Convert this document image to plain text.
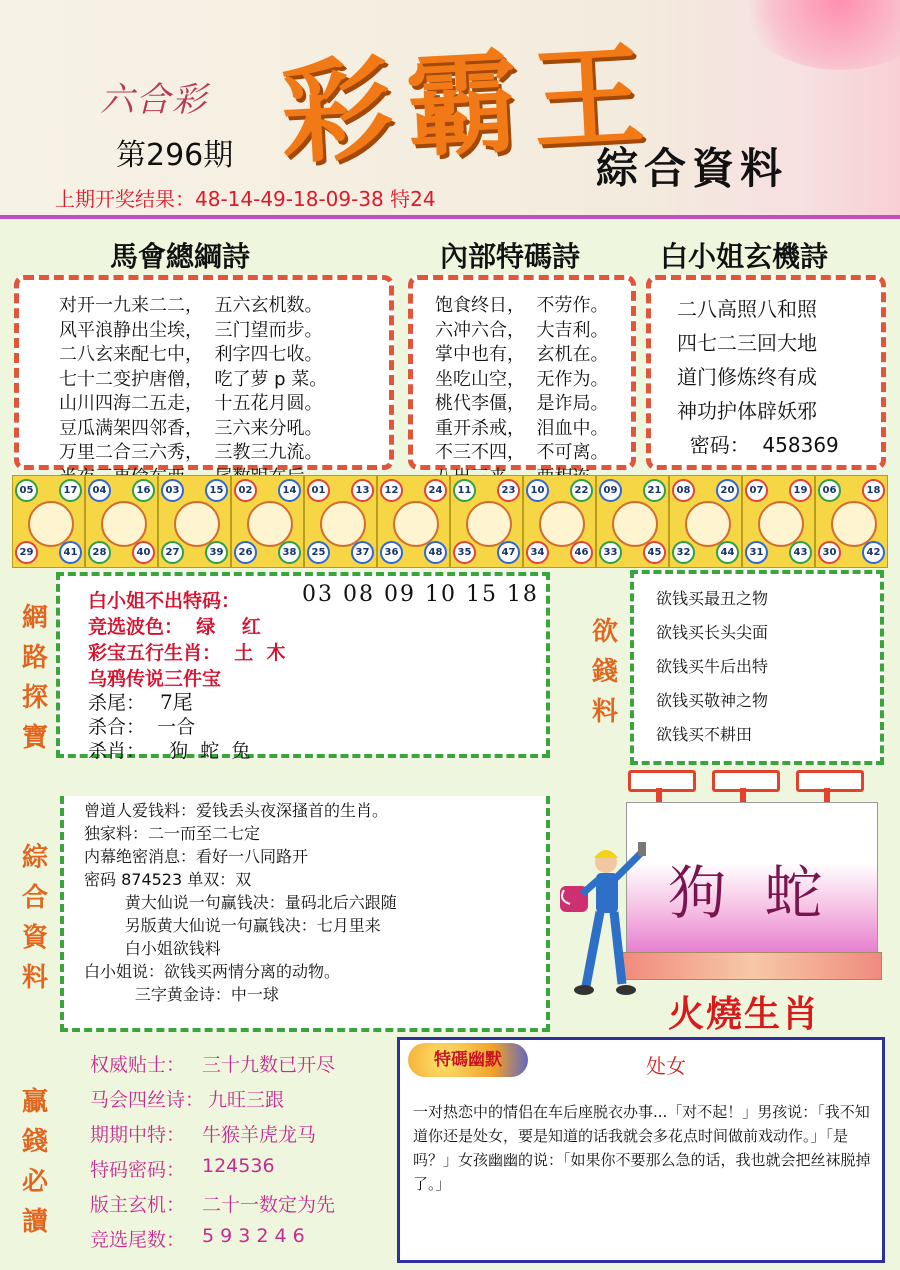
六合彩 彩霸王
第296期	綜合資料
上期开奖结果：48-14-49-18-09-38 特24
馬會總綱詩	內部特碼詩	白小姐玄機詩
对开一九来二二，  五六玄机数。
风平浪静出尘埃，  三门望而步。
二八玄来配七中，  利字四七收。
七十二变护唐僧，  吃了萝 p 菜。
山川四海二五走，  十五花月圆。
豆瓜满架四邻香，  三六来分吼。
万里二合三六秀，  三教三九流。
饱食终日，  不劳作。
六冲六合，  大吉利。
掌中也有，  玄机在。
坐吃山空，  无作为。
桃代李僵，  是诈局。
重开杀戒，  泪血中。
不三不四，  不可离。
二八高照八和照
四七二三回大地
道门修炼终有成
神功护体辟妖邪
密码：  458369
05	17
29	41
04	16
28	40
03	15
27	39
02	14
26	38
01	13
25	37
12	24
36	48
11	23
35	47
10	22
34	46
09	21
33	45
08	20
32	44
07	19
31	43
06	18
30	42
網路探寶
白小姐不出特码：	03 08 09 10 15 18
竞选波色：  绿    红
彩宝五行生肖：  土  木
乌鸦传说三件宝
杀尾： 7尾
杀合：  一合
杀肖：    狗  蛇  兔
欲錢料
欲钱买最丑之物
欲钱买长头尖面
欲钱买牛后出特
欲钱买敬神之物
欲钱买不耕田
綜合資料
曾道人爱钱料：爱钱丢头夜深搔首的生肖。
独家料：二一而至二七定
内幕绝密消息：看好一八同路开
密码 874523 单双：双
黄大仙说一句赢钱决：量码北后六跟随
另版黄大仙说一句赢钱决：七月里来
白小姐欲钱料
白小姐说：欲钱买两情分离的动物。
三字黄金诗：中一球
狗 蛇
火燒生肖
贏錢必讀
权威贴士： 三十九数已开尽
马会四丝诗： 九旺三跟
期期中特： 牛猴羊虎龙马
特码密码： 124536
版主玄机： 二十一数定为先
竞选尾数： 5 9 3 2 4 6
特碼幽默	处女
一对热恋中的情侣在车后座脱衣办事...「对不起！」男孩说：「我不知道你还是处女，要是知道的话我就会多花点时间做前戏动作。」「是吗？」女孩幽幽的说：「如果你不要那么急的话，我也就会把丝袜脱掉了。」
